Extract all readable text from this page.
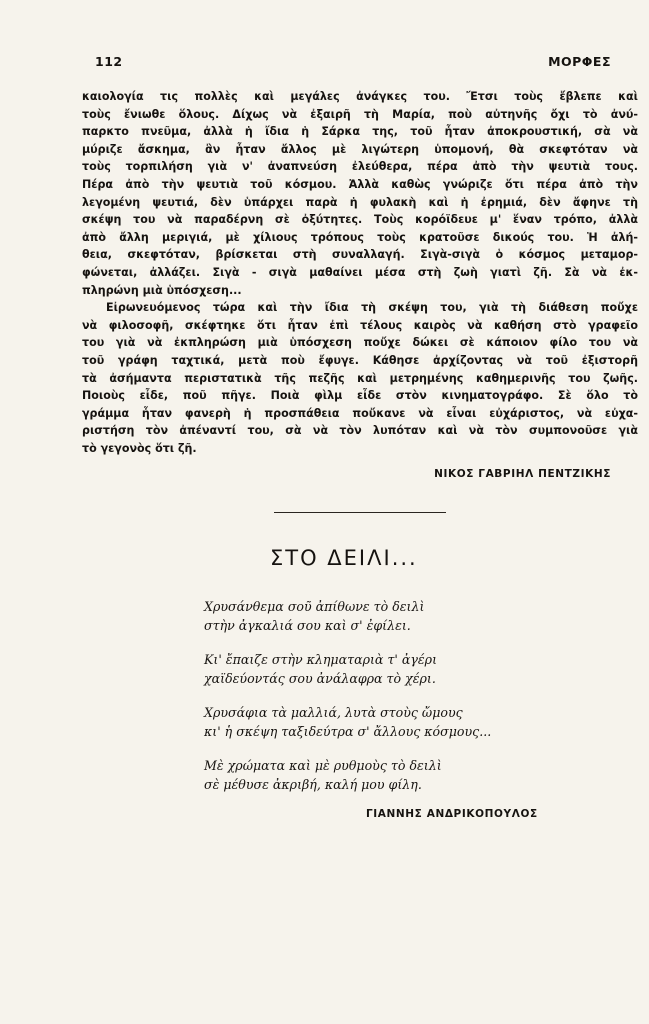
112	ΜΟΡΦΕΣ
καιολογία τις πολλὲς καὶ μεγάλες ἀνάγκες του. Ἔτσι τοὺς ἔβλεπε καὶ
τοὺς ἔνιωθε ὅλους. Δίχως νὰ ἐξαιρῆ τὴ Μαρία, ποὺ αὐτηνῆς ὄχι τὸ ἀνύ-
παρκτο πνεῦμα, ἀλλὰ ἡ ἴδια ἡ Σάρκα της, τοῦ ἦταν ἀποκρουστική, σὰ νὰ
μύριζε ἄσκημα, ἂν ἦταν ἄλλος μὲ λιγώτερη ὑπομονή, θὰ σκεφτόταν νὰ
τοὺς τορπιλήση γιὰ ν' ἀναπνεύση ἐλεύθερα, πέρα ἀπὸ τὴν ψευτιὰ τους.
Πέρα ἀπὸ τὴν ψευτιὰ τοῦ κόσμου. Ἀλλὰ καθὼς γνώριζε ὅτι πέρα ἀπὸ τὴν
λεγομένη ψευτιά, δὲν ὑπάρχει παρὰ ἡ φυλακὴ καὶ ἡ ἐρημιά, δὲν ἄφηνε τὴ
σκέψη του νὰ παραδέρνη σὲ ὀξύτητες. Τοὺς κορόϊδευε μ' ἕναν τρόπο, ἀλλὰ
ἀπὸ ἄλλη μεριγιά, μὲ χίλιους τρόπους τοὺς κρατοῦσε δικούς του. Ἡ ἀλή-
θεια, σκεφτόταν, βρίσκεται στὴ συναλλαγή. Σιγὰ-σιγὰ ὁ κόσμος μεταμορ-
φώνεται, ἀλλάζει. Σιγὰ - σιγὰ μαθαίνει μέσα στὴ ζωὴ γιατὶ ζῆ. Σὰ νὰ ἐκ-
πληρώνη μιὰ ὑπόσχεση...
Εἰρωνευόμενος τώρα καὶ τὴν ἴδια τὴ σκέψη του, γιὰ τὴ διάθεση ποὔχε
νὰ φιλοσοφῆ, σκέφτηκε ὅτι ἦταν ἐπὶ τέλους καιρὸς νὰ καθήση στὸ γραφεῖο
του γιὰ νὰ ἐκπληρώση μιὰ ὑπόσχεση ποὔχε δώκει σὲ κάποιον φίλο του νὰ
τοῦ γράφη ταχτικά, μετὰ ποὺ ἔφυγε. Κάθησε ἀρχίζοντας νὰ τοῦ ἐξιστορῆ
τὰ ἀσήμαντα περιστατικὰ τῆς πεζῆς καὶ μετρημένης καθημερινῆς του ζωῆς.
Ποιοὺς εἶδε, ποῦ πῆγε. Ποιὰ φὶλμ εἶδε στὸν κινηματογράφο. Σὲ ὅλο τὸ
γράμμα ἦταν φανερὴ ἡ προσπάθεια ποὔκανε νὰ εἶναι εὐχάριστος, νὰ εὐχα-
ριστήση τὸν ἀπέναντί του, σὰ νὰ τὸν λυπόταν καὶ νὰ τὸν συμπονοῦσε γιὰ
τὸ γεγονὸς ὅτι ζῆ.
ΝΙΚΟΣ ΓΑΒΡΙΗΛ ΠΕΝΤΖΙΚΗΣ
ΣΤΟ ΔΕΙΛΙ...
Χρυσάνθεμα σοῦ ἀπίθωνε τὸ δειλὶ
στὴν ἀγκαλιά σου καὶ σ' ἐφίλει.
Κι' ἔπαιζε στὴν κληματαριὰ τ' ἀγέρι
χαϊδεύοντάς σου ἀνάλαφρα τὸ χέρι.
Χρυσάφια τὰ μαλλιά, λυτὰ στοὺς ὤμους
κι' ἡ σκέψη ταξιδεύτρα σ' ἄλλους κόσμους...
Μὲ χρώματα καὶ μὲ ρυθμοὺς τὸ δειλὶ
σὲ μέθυσε ἀκριβή, καλή μου φίλη.
ΓΙΑΝΝΗΣ ΑΝΔΡΙΚΟΠΟΥΛΟΣ
